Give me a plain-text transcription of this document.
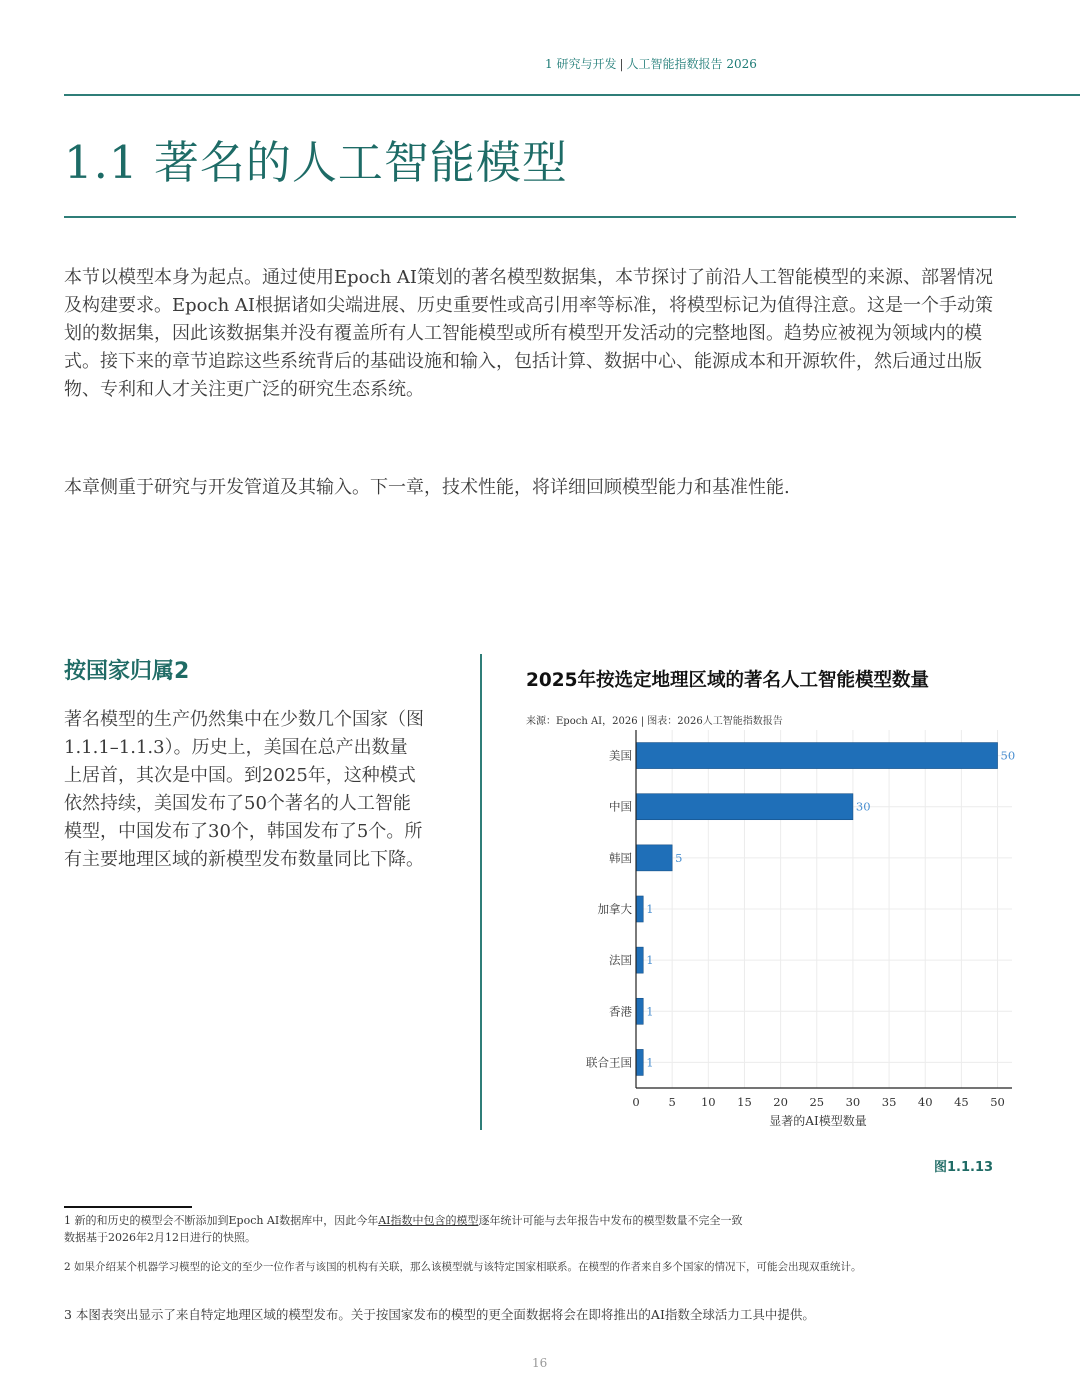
1 研究与开发 | 人工智能指数报告 2026
1.1 著名的人工智能模型
本节以模型本身为起点。通过使用Epoch AI策划的著名模型数据集，本节探讨了前沿人工智能模型的来源、部署情况及构建要求。Epoch AI根据诸如尖端进展、历史重要性或高引用率等标准，将模型标记为值得注意。这是一个手动策划的数据集，因此该数据集并没有覆盖所有人工智能模型或所有模型开发活动的完整地图。趋势应被视为领域内的模式。接下来的章节追踪这些系统背后的基础设施和输入，包括计算、数据中心、能源成本和开源软件，然后通过出版物、专利和人才关注更广泛的研究生态系统。
本章侧重于研究与开发管道及其输入。下一章，技术性能，将详细回顾模型能力和基准性能.
按国家归属2
著名模型的生产仍然集中在少数几个国家（图1.1.1–1.1.3）。历史上，美国在总产出数量上居首，其次是中国。到2025年，这种模式依然持续，美国发布了50个著名的人工智能模型，中国发布了30个，韩国发布了5个。所有主要地理区域的新模型发布数量同比下降。
2025年按选定地理区域的著名人工智能模型数量
来源：Epoch AI，2026 | 图表：2026人工智能指数报告
美国	50
中国	30
韩国	5
加拿大 1
法国 1
香港 1
联合王国 1
0	5 10 15 20 25 30 35 40 45 50
显著的AI模型数量
图1.1.13
1 新的和历史的模型会不断添加到Epoch AI数据库中，因此今年AI指数中包含的模型逐年统计可能与去年报告中发布的模型数量不完全一致
数据基于2026年2月12日进行的快照。
2 如果介绍某个机器学习模型的论文的至少一位作者与该国的机构有关联，那么该模型就与该特定国家相联系。在模型的作者来自多个国家的情况下，可能会出现双重统计。
3 本图表突出显示了来自特定地理区域的模型发布。关于按国家发布的模型的更全面数据将会在即将推出的AI指数全球活力工具中提供。
16
